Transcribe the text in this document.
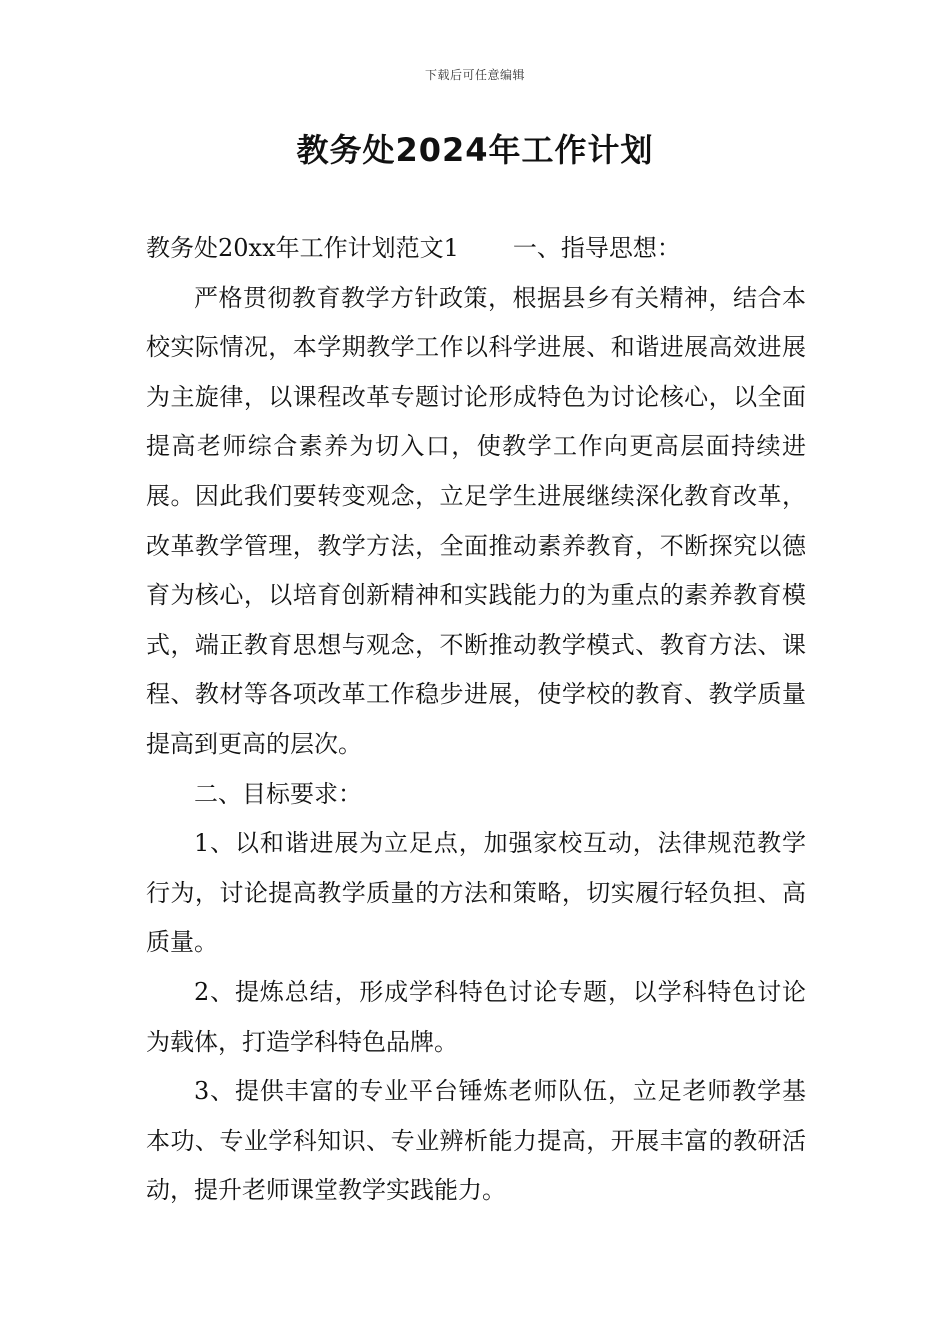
下载后可任意编辑
教务处2024年工作计划

教务处20xx年工作计划范文1 一、指导思想：

严格贯彻教育教学方针政策，根据县乡有关精神，结合本校实际情况，本学期教学工作以科学进展、和谐进展高效进展为主旋律，以课程改革专题讨论形成特色为讨论核心，以全面提高老师综合素养为切入口，使教学工作向更高层面持续进展。因此我们要转变观念，立足学生进展继续深化教育改革，改革教学管理，教学方法，全面推动素养教育，不断探究以德育为核心，以培育创新精神和实践能力的为重点的素养教育模式，端正教育思想与观念，不断推动教学模式、教育方法、课程、教材等各项改革工作稳步进展，使学校的教育、教学质量提高到更高的层次。

二、目标要求：

1、以和谐进展为立足点，加强家校互动，法律规范教学行为，讨论提高教学质量的方法和策略，切实履行轻负担、高质量。

2、提炼总结，形成学科特色讨论专题，以学科特色讨论为载体，打造学科特色品牌。

3、提供丰富的专业平台锤炼老师队伍，立足老师教学基本功、专业学科知识、专业辨析能力提高，开展丰富的教研活动，提升老师课堂教学实践能力。
